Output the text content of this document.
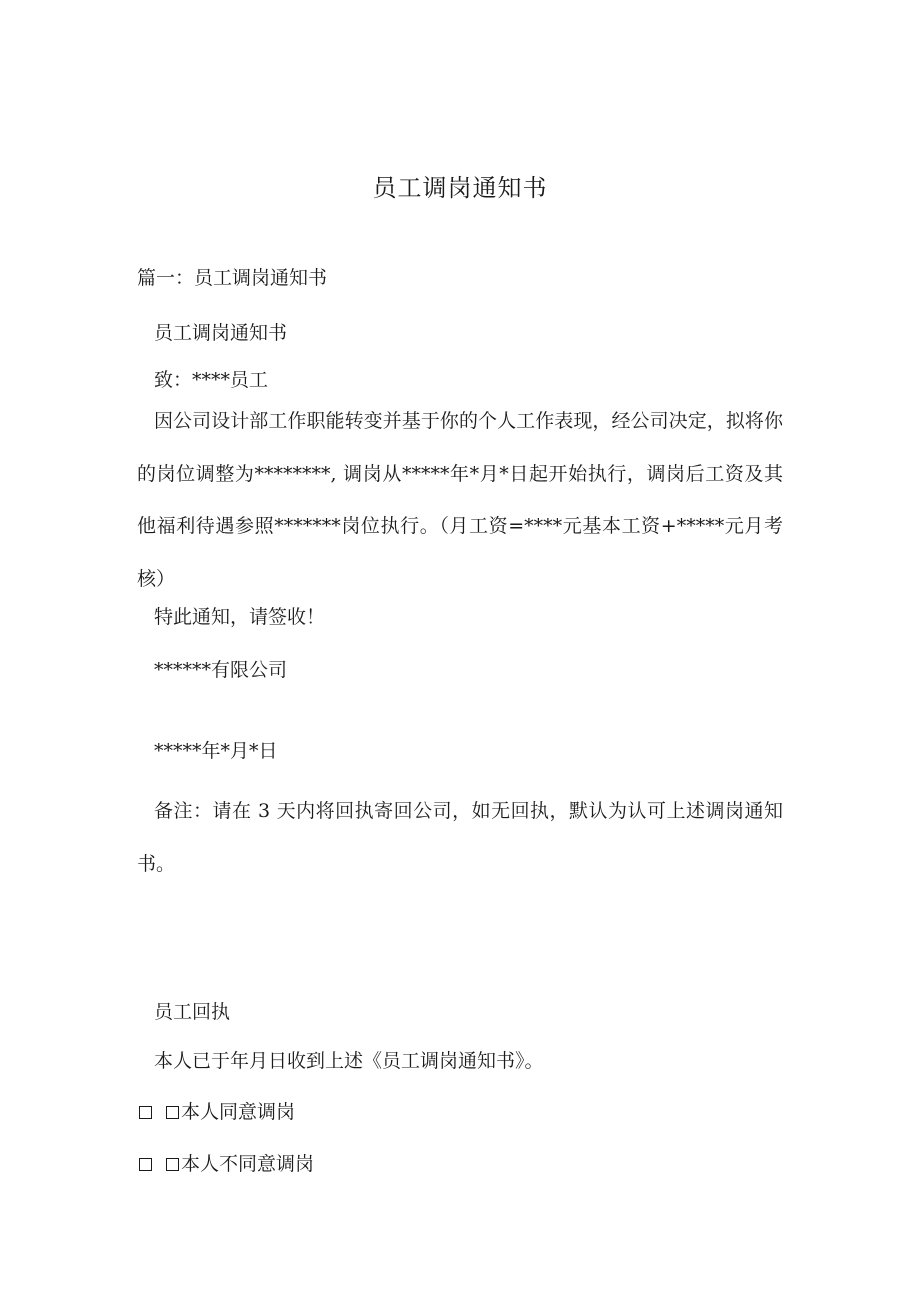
员工调岗通知书
篇一：员工调岗通知书
员工调岗通知书
致：****员工
因公司设计部工作职能转变并基于你的个人工作表现，经公司决定，拟将你的岗位调整为********, 调岗从*****年*月*日起开始执行，调岗后工资及其他福利待遇参照*******岗位执行。（月工资=****元基本工资+*****元月考核）
特此通知，请签收！
******有限公司
*****年*月*日
备注：请在 3 天内将回执寄回公司，如无回执，默认为认可上述调岗通知书。
员工回执
本人已于年月日收到上述《员工调岗通知书》。
本人同意调岗
本人不同意调岗
